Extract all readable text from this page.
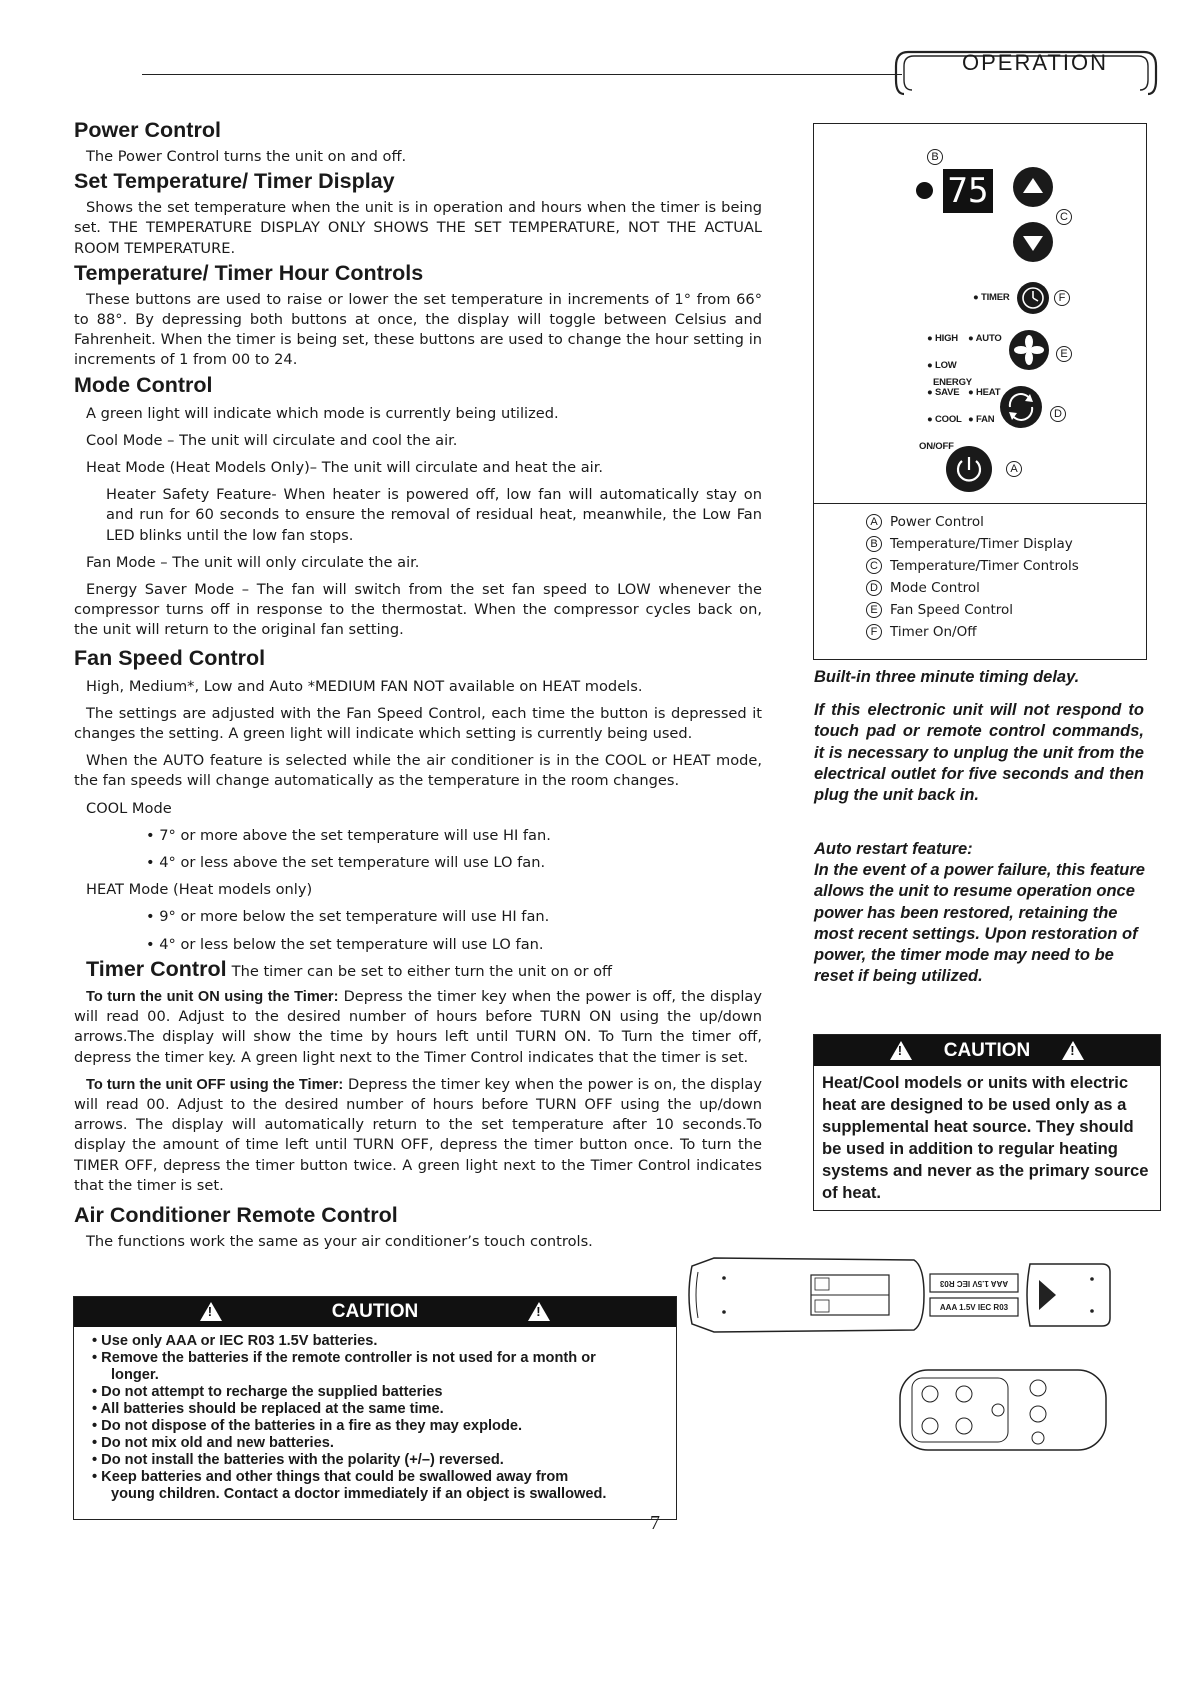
OPERATION
Power Control

The Power Control turns the unit on and off.

Set Temperature/ Timer Display

Shows the set temperature when the unit is in operation and hours when the timer is being set. THE TEMPERATURE DISPLAY ONLY SHOWS THE SET TEMPERATURE, NOT THE ACTUAL ROOM TEMPERATURE.

Temperature/ Timer Hour Controls

These buttons are used to raise or lower the set temperature in increments of 1° from 66° to 88°. By depressing both buttons at once, the display will toggle between Celsius and Fahrenheit. When the timer is being set, these buttons are used to change the hour setting in increments of 1 from 00 to 24.

Mode Control

A green light will indicate which mode is currently being utilized.

Cool Mode – The unit will circulate and cool the air.

Heat Mode (Heat Models Only)– The unit will circulate and heat the air.

Heater Safety Feature- When heater is powered off, low fan will automatically stay on and run for 60 seconds to ensure the removal of residual heat, meanwhile, the Low Fan LED blinks until the low fan stops.

Fan Mode – The unit will only circulate the air.

Energy Saver Mode – The fan will switch from the set fan speed to LOW whenever the compressor turns off in response to the thermostat. When the compressor cycles back on, the unit will return to the original fan setting.

Fan Speed Control

High, Medium*, Low and Auto *MEDIUM FAN NOT available on HEAT models.

The settings are adjusted with the Fan Speed Control, each time the button is depressed it changes the setting. A green light will indicate which setting is currently being used.

When the AUTO feature is selected while the air conditioner is in the COOL or HEAT mode, the fan speeds will change automatically as the temperature in the room changes.

COOL Mode

• 7° or more above the set temperature will use HI fan.

• 4° or less above the set temperature will use LO fan.

HEAT Mode (Heat models only)

• 9° or more below the set temperature will use HI fan.

• 4° or less below the set temperature will use LO fan.

Timer Control The timer can be set to either turn the unit on or off

To turn the unit ON using the Timer: Depress the timer key when the power is off, the display will read 00. Adjust to the desired number of hours before TURN ON using the up/down arrows.The display will show the time by hours left until TURN ON. To Turn the timer off, depress the timer key. A green light next to the Timer Control indicates that the timer is set.

To turn the unit OFF using the Timer: Depress the timer key when the power is on, the display will read 00. Adjust to the desired number of hours before TURN OFF using the up/down arrows. The display will automatically return to the set temperature after 10 seconds.To display the amount of time left until TURN OFF, depress the timer button once. To turn the TIMER OFF, depress the timer button twice. A green light next to the Timer Control indicates that the timer is set.

Air Conditioner Remote Control

The functions work the same as your air conditioner’s touch controls.

!CAUTION!
• Use only AAA or IEC R03 1.5V batteries.
• Remove the batteries if the remote controller is not used for a month or
longer.
• Do not attempt to recharge the supplied batteries
• All batteries should be replaced at the same time.
• Do not dispose of the batteries in a fire as they may explode.
• Do not mix old and new batteries.
• Do not install the batteries with the polarity (+/–) reversed.
• Keep batteries and other things that could be swallowed away from
young children. Contact a doctor immediately if an object is swallowed.
B
75
C
● TIMER	F
● HIGH ● AUTO
● LOW
E
ENERGY
● SAVE ● HEAT
● COOL ● FAN	D
ON/OFF
A
A Power Control
B Temperature/Timer Display
C Temperature/Timer Controls
D Mode Control
E Fan Speed Control
F Timer On/Off
Built-in three minute timing delay.
If this electronic unit will not respond to touch pad or remote control commands, it is necessary to unplug the unit from the electrical outlet for five seconds and then plug the unit back in.
Auto restart feature:
In the event of a power failure, this feature allows the unit to resume operation once power has been restored, retaining the most recent settings. Upon restoration of power, the timer mode may need to be reset if being utilized.
!CAUTION!
Heat/Cool models or units with electric heat are designed to be used only as a supplemental heat source. They should be used in addition to regular heating systems and never as the primary source of heat.
AAA 1.5V IEC R03
AAA 1.5V IEC R03
7
